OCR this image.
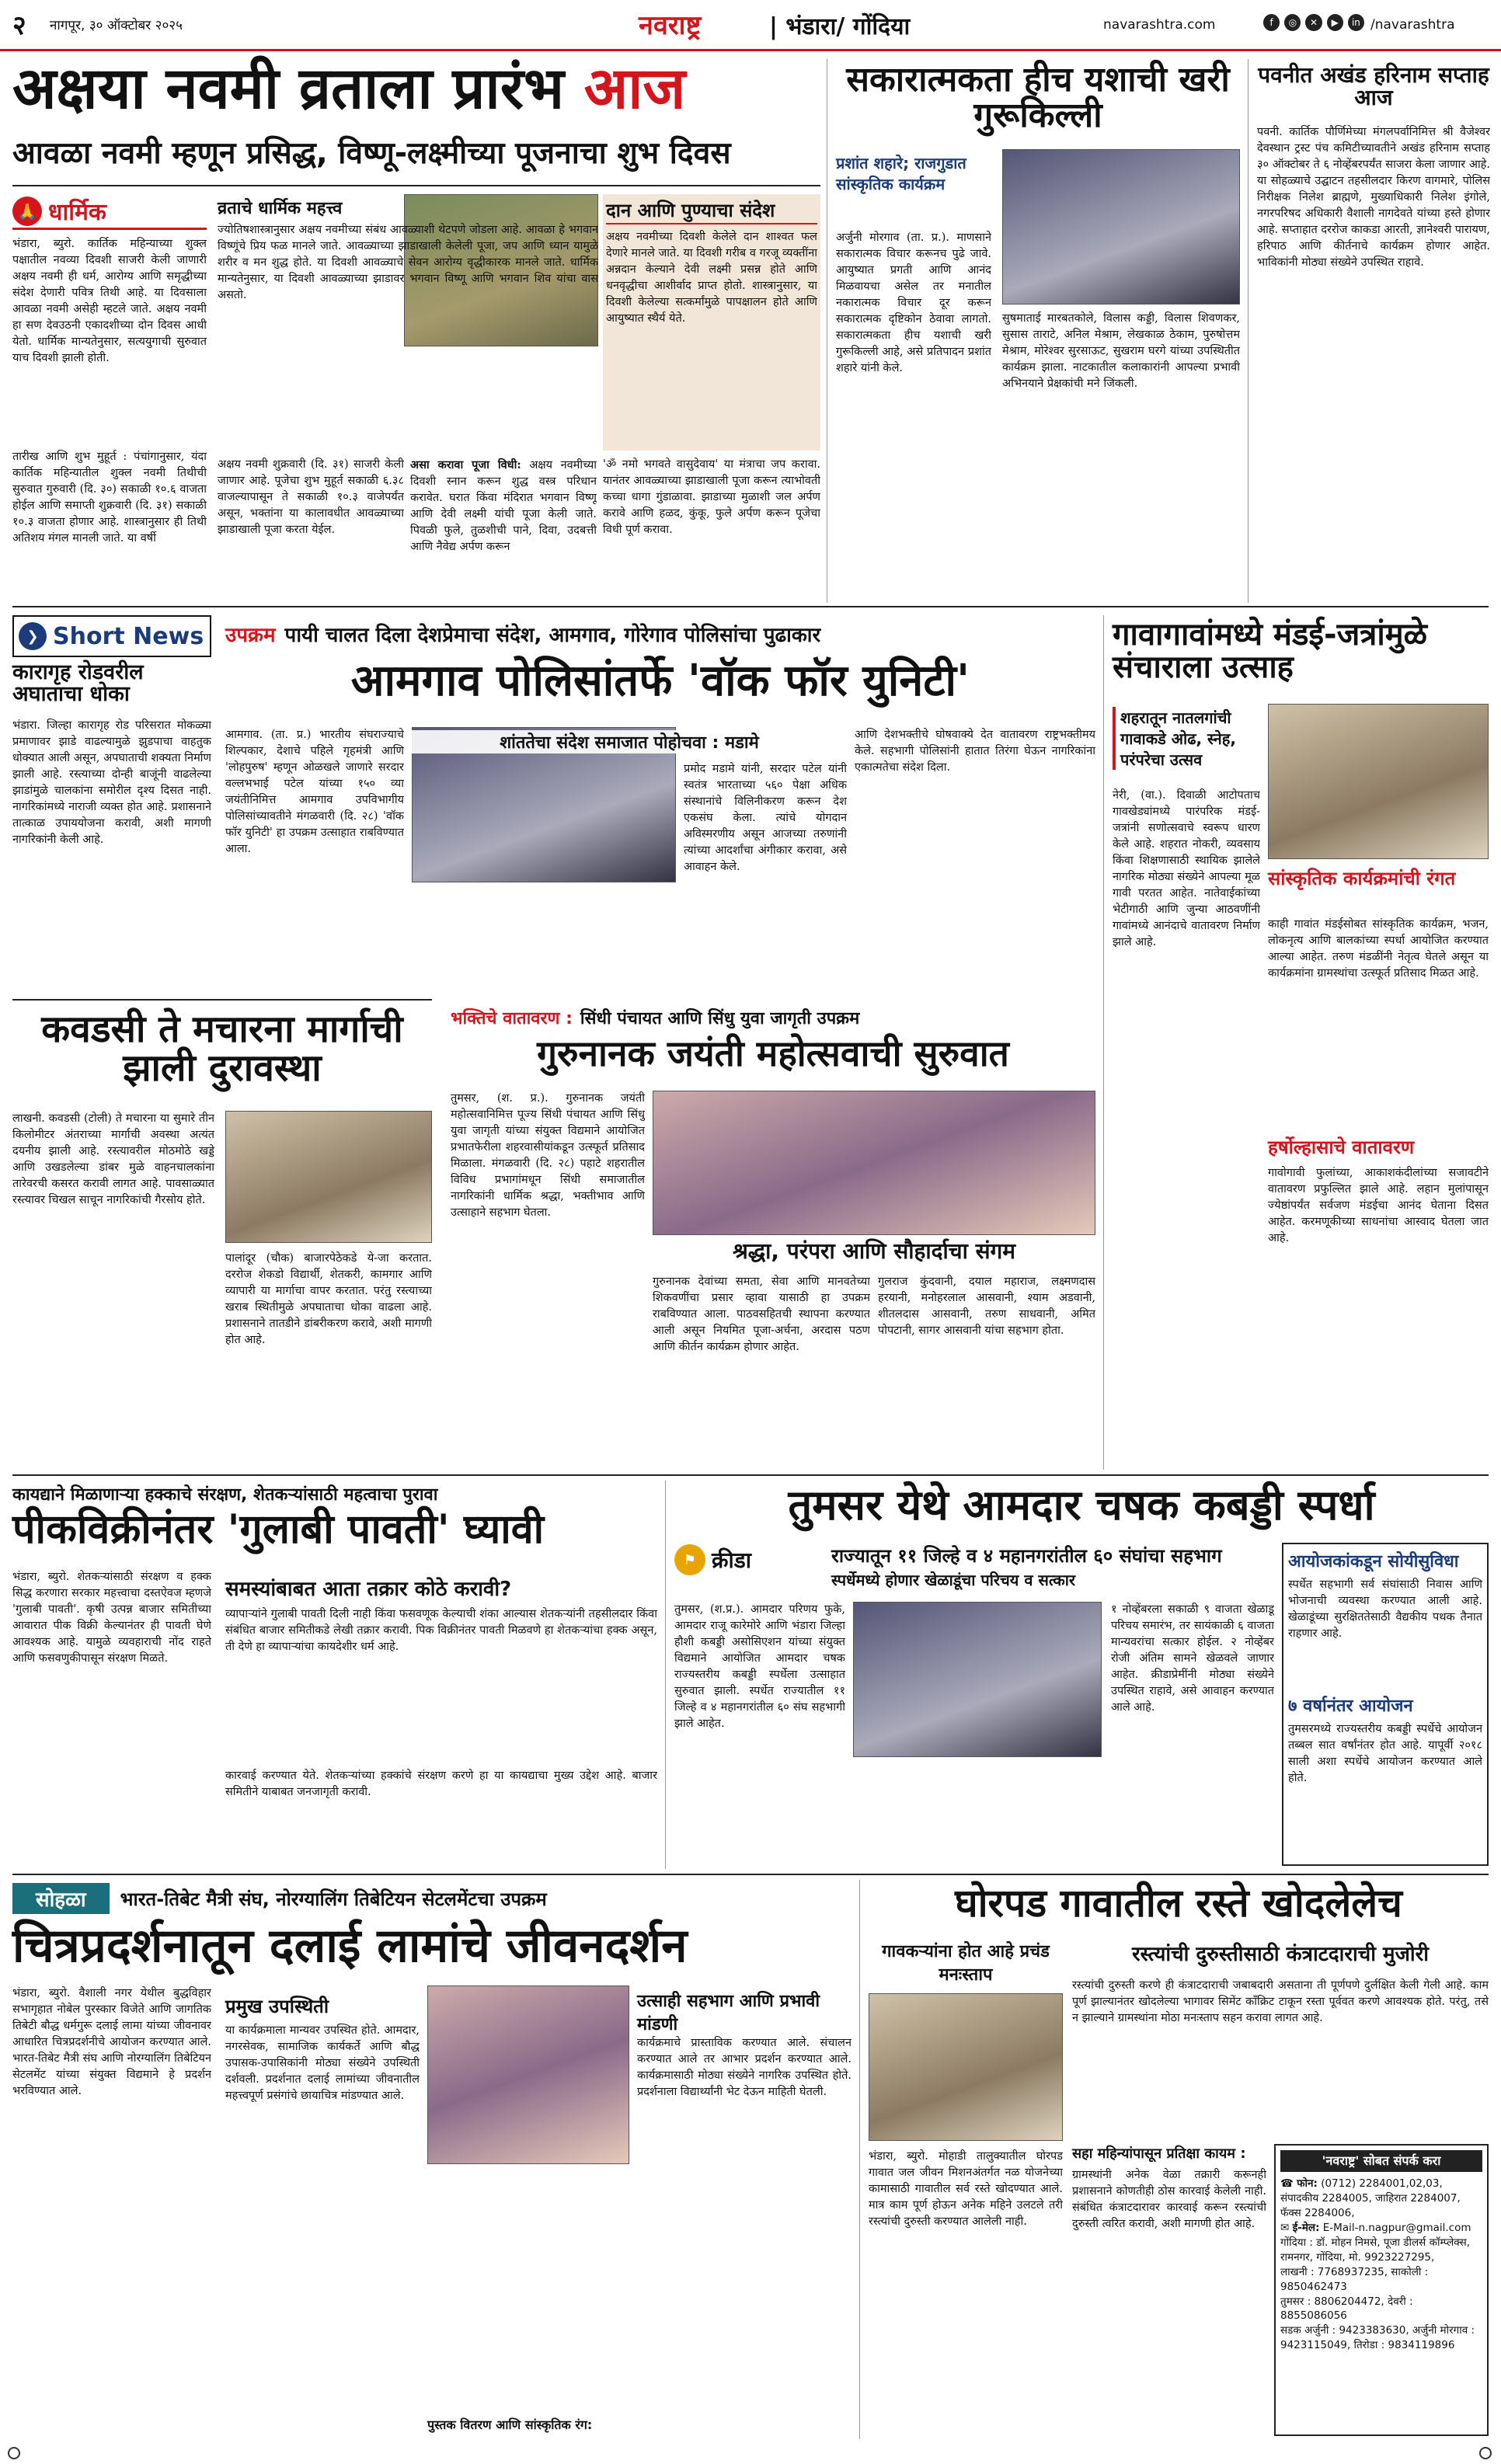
२ नागपूर, ३० ऑक्टोबर २०२५	नवराष्ट्र	| भंडारा/ गोंदिया	navarashtra.com	f	◎	✕	▶	in /navarashtra
अक्षया नवमी व्रताला प्रारंभ आज
आवळा नवमी म्हणून प्रसिद्ध, विष्णू-लक्ष्मीच्या पूजनाचा शुभ दिवस
🙏 धार्मिक
भंडारा, ब्युरो. कार्तिक महिन्याच्या शुक्ल पक्षातील नवव्या दिवशी साजरी केली जाणारी अक्षय नवमी ही धर्म, आरोग्य आणि समृद्धीच्या संदेश देणारी पवित्र तिथी आहे. या दिवसाला आवळा नवमी असेही म्हटले जाते. अक्षय नवमी हा सण देवउठनी एकादशीच्या दोन दिवस आधी येतो. धार्मिक मान्यतेनुसार, सत्ययुगाची सुरुवात याच दिवशी झाली होती.
तारीख आणि शुभ मुहूर्त : पंचांगानुसार, यंदा कार्तिक महिन्यातील शुक्ल नवमी तिथीची सुरुवात गुरुवारी (दि. ३०) सकाळी १०.६ वाजता होईल आणि समाप्ती शुक्रवारी (दि. ३१) सकाळी १०.३ वाजता होणार आहे. शास्त्रानुसार ही तिथी अतिशय मंगल मानली जाते. या वर्षी
व्रताचे धार्मिक महत्त्व	दान आणि पुण्याचा संदेश
अक्षय नवमीच्या दिवशी केलेले दान शाश्वत फल देणारे मानले जाते. या दिवशी गरीब व गरजू व्यक्तींना अन्नदान केल्याने देवी लक्ष्मी प्रसन्न होते आणि धनवृद्धीचा आशीर्वाद प्राप्त होतो. शास्त्रानुसार, या दिवशी केलेल्या सत्कर्मांमुळे पापक्षालन होते आणि आयुष्यात स्थैर्य येते.
ज्योतिषशास्त्रानुसार अक्षय नवमीच्या संबंध आवळ्याशी थेटपणे जोडला आहे. आवळा हे भगवान विष्णूंचे प्रिय फळ मानले जाते. आवळ्याच्या झाडाखाली केलेली पूजा, जप आणि ध्यान यामुळे शरीर व मन शुद्ध होते. या दिवशी आवळ्याचे सेवन आरोग्य वृद्धीकारक मानले जाते. धार्मिक मान्यतेनुसार, या दिवशी आवळ्याच्या झाडावर भगवान विष्णू आणि भगवान शिव यांचा वास असतो.
अक्षय नवमी शुक्रवारी (दि. ३१) साजरी केली जाणार आहे. पूजेचा शुभ मुहूर्त सकाळी ६.३८ वाजल्यापासून ते सकाळी १०.३ वाजेपर्यंत असून, भक्तांना या कालावधीत आवळ्याच्या झाडाखाली पूजा करता येईल.
असा करावा पूजा विधी: अक्षय नवमीच्या दिवशी स्नान करून शुद्ध वस्त्र परिधान करावेत. घरात किंवा मंदिरात भगवान विष्णू आणि देवी लक्ष्मी यांची पूजा केली जाते. पिवळी फुले, तुळशीची पाने, दिवा, उदबत्ती आणि नैवेद्य अर्पण करून
'ॐ नमो भगवते वासुदेवाय' या मंत्राचा जप करावा. यानंतर आवळ्याच्या झाडाखाली पूजा करून त्याभोवती कच्चा धागा गुंडाळावा. झाडाच्या मुळाशी जल अर्पण करावे आणि हळद, कुंकू, फुले अर्पण करून पूजेचा विधी पूर्ण करावा.
सकारात्मकता हीच यशाची खरी गुरूकिल्ली
प्रशांत शहारे; राजगुडात सांस्कृतिक कार्यक्रम
अर्जुनी मोरगाव (ता. प्र.). माणसाने सकारात्मक विचार करूनच पुढे जावे. आयुष्यात प्रगती आणि आनंद मिळवायचा असेल तर मनातील नकारात्मक विचार दूर करून सकारात्मक दृष्टिकोन ठेवावा लागतो. सकारात्मकता हीच यशाची खरी गुरूकिल्ली आहे, असे प्रतिपादन प्रशांत शहारे यांनी केले.
सुषमाताई मारबतकोले, विलास कड्डी, विलास शिवणकर, सुसास ताराटे, अनिल मेश्राम, लेखकाळ ठेकाम, पुरुषोत्तम मेश्राम, मोरेश्वर सुरसाऊट, सुखराम घरगे यांच्या उपस्थितीत कार्यक्रम झाला. नाटकातील कलाकारांनी आपल्या प्रभावी अभिनयाने प्रेक्षकांची मने जिंकली.
पवनीत अखंड हरिनाम सप्ताह आज
पवनी. कार्तिक पौर्णिमेच्या मंगलपर्वानिमित्त श्री वैजेश्वर देवस्थान ट्रस्ट पंच कमिटीच्यावतीने अखंड हरिनाम सप्ताह ३० ऑक्टोबर ते ६ नोव्हेंबरपर्यंत साजरा केला जाणार आहे. या सोहळ्याचे उद्घाटन तहसीलदार किरण वागमारे, पोलिस निरीक्षक निलेश ब्राह्मणे, मुख्याधिकारी निलेश इंगोले, नगरपरिषद अधिकारी वैशाली नागदेवते यांच्या हस्ते होणार आहे. सप्ताहात दररोज काकडा आरती, ज्ञानेश्वरी पारायण, हरिपाठ आणि कीर्तनाचे कार्यक्रम होणार आहेत. भाविकांनी मोठ्या संख्येने उपस्थित राहावे.
❯ Short News
कारागृह रोडवरील अघाताचा धोका
भंडारा. जिल्हा कारागृह रोड परिसरात मोकळ्या प्रमाणावर झाडे वाढल्यामुळे झुडपाचा वाहतुक धोक्यात आली असून, अपघाताची शक्यता निर्माण झाली आहे. रस्त्याच्या दोन्ही बाजूंनी वाढलेल्या झाडांमुळे चालकांना समोरील दृश्य दिसत नाही. नागरिकांमध्ये नाराजी व्यक्त होत आहे. प्रशासनाने तात्काळ उपाययोजना करावी, अशी मागणी नागरिकांनी केली आहे.
उपक्रम पायी चालत दिला देशप्रेमाचा संदेश, आमगाव, गोरेगाव पोलिसांचा पुढाकार
आमगाव पोलिसांतर्फे 'वॉक फॉर युनिटी'
आमगाव. (ता. प्र.) भारतीय संघराज्याचे शिल्पकार, देशाचे पहिले गृहमंत्री आणि 'लोहपुरुष' म्हणून ओळखले जाणारे सरदार वल्लभभाई पटेल यांच्या १५० व्या जयंतीनिमित्त आमगाव उपविभागीय पोलिसांच्यावतीने मंगळवारी (दि. २८) 'वॉक फॉर युनिटी' हा उपक्रम उत्साहात राबविण्यात आला.
शांततेचा संदेश समाजात पोहोचवा : मडामे
प्रमोद मडामे यांनी, सरदार पटेल यांनी स्वतंत्र भारताच्या ५६० पेक्षा अधिक संस्थानांचे विलिनीकरण करून देश एकसंघ केला. त्यांचे योगदान अविस्मरणीय असून आजच्या तरुणांनी त्यांच्या आदर्शांचा अंगीकार करावा, असे आवाहन केले.
आणि देशभक्तीचे घोषवाक्ये देत वातावरण राष्ट्रभक्तीमय केले. सहभागी पोलिसांनी हातात तिरंगा घेऊन नागरिकांना एकात्मतेचा संदेश दिला.
गावागावांमध्ये मंडई-जत्रांमुळे संचाराला उत्साह
शहरातून नातलगांची गावाकडे ओढ, स्नेह, परंपरेचा उत्सव
नेरी, (वा.). दिवाळी आटोपताच गावखेड्यांमध्ये पारंपरिक मंडई-जत्रांनी सणोत्सवाचे स्वरूप धारण केले आहे. शहरात नोकरी, व्यवसाय किंवा शिक्षणासाठी स्थायिक झालेले नागरिक मोठ्या संख्येने आपल्या मूळ गावी परतत आहेत. नातेवाईकांच्या भेटीगाठी आणि जुन्या आठवणींनी गावांमध्ये आनंदाचे वातावरण निर्माण झाले आहे.
सांस्कृतिक कार्यक्रमांची रंगत
काही गावांत मंडईसोबत सांस्कृतिक कार्यक्रम, भजन, लोकनृत्य आणि बालकांच्या स्पर्धा आयोजित करण्यात आल्या आहेत. तरुण मंडळींनी नेतृत्व घेतले असून या कार्यक्रमांना ग्रामस्थांचा उत्स्फूर्त प्रतिसाद मिळत आहे.
हर्षोल्हासाचे वातावरण
गावोगावी फुलांच्या, आकाशकंदीलांच्या सजावटीने वातावरण प्रफुल्लित झाले आहे. लहान मुलांपासून ज्येष्ठांपर्यंत सर्वजण मंडईचा आनंद घेताना दिसत आहेत. करमणूकीच्या साधनांचा आस्वाद घेतला जात आहे.
कवडसी ते मचारना मार्गाची झाली दुरावस्था
लाखनी. कवडसी (टोली) ते मचारना या सुमारे तीन किलोमीटर अंतराच्या मार्गाची अवस्था अत्यंत दयनीय झाली आहे. रस्त्यावरील मोठमोठे खड्डे आणि उखडलेल्या डांबर मुळे वाहनचालकांना तारेवरची कसरत करावी लागत आहे. पावसाळ्यात रस्त्यावर चिखल साचून नागरिकांची गैरसोय होते.
पालांदूर (चौक) बाजारपेठेकडे ये-जा करतात. दररोज शेकडो विद्यार्थी, शेतकरी, कामगार आणि व्यापारी या मार्गाचा वापर करतात. परंतु रस्त्याच्या खराब स्थितीमुळे अपघाताचा धोका वाढला आहे. प्रशासनाने तातडीने डांबरीकरण करावे, अशी मागणी होत आहे.
भक्तिचे वातावरण : सिंधी पंचायत आणि सिंधु युवा जागृती उपक्रम
गुरुनानक जयंती महोत्सवाची सुरुवात
तुमसर, (श. प्र.). गुरुनानक जयंती महोत्सवानिमित्त पूज्य सिंधी पंचायत आणि सिंधु युवा जागृती यांच्या संयुक्त विद्यमाने आयोजित प्रभातफेरीला शहरवासीयांकडून उत्स्फूर्त प्रतिसाद मिळाला. मंगळवारी (दि. २८) पहाटे शहरातील विविध प्रभागांमधून सिंधी समाजातील नागरिकांनी धार्मिक श्रद्धा, भक्तीभाव आणि उत्साहाने सहभाग घेतला.
श्रद्धा, परंपरा आणि सौहार्दाचा संगम
गुरुनानक देवांच्या समता, सेवा आणि मानवतेच्या शिकवणींचा प्रसार व्हावा यासाठी हा उपक्रम राबविण्यात आला. पाठवसहितची स्थापना करण्यात आली असून नियमित पूजा-अर्चना, अरदास पठण आणि कीर्तन कार्यक्रम होणार आहेत.
गुलराज कुंदवानी, दयाल महाराज, लक्ष्मणदास हरयानी, मनोहरलाल आसवानी, श्याम अडवानी, शीतलदास आसवानी, तरुण साधवानी, अमित पोपटानी, सागर आसवानी यांचा सहभाग होता.
कायद्याने मिळाणाऱ्या हक्काचे संरक्षण, शेतकऱ्यांसाठी महत्वाचा पुरावा
पीकविक्रीनंतर 'गुलाबी पावती' घ्यावी
भंडारा, ब्युरो. शेतकऱ्यांसाठी संरक्षण व हक्क सिद्ध करणारा सरकार महत्त्वाचा दस्तऐवज म्हणजे 'गुलाबी पावती'. कृषी उत्पन्न बाजार समितीच्या आवारात पीक विक्री केल्यानंतर ही पावती घेणे आवश्यक आहे. यामुळे व्यवहाराची नोंद राहते आणि फसवणुकीपासून संरक्षण मिळते.
समस्यांबाबत आता तक्रार कोठे करावी?
व्यापाऱ्यांने गुलाबी पावती दिली नाही किंवा फसवणूक केल्याची शंका आल्यास शेतकऱ्यांनी तहसीलदार किंवा संबंधित बाजार समितीकडे लेखी तक्रार करावी. पिक विक्रीनंतर पावती मिळवणे हा शेतकऱ्यांचा हक्क असून, ती देणे हा व्यापाऱ्यांचा कायदेशीर धर्म आहे.
कारवाई करण्यात येते. शेतकऱ्यांच्या हक्कांचे संरक्षण करणे हा या कायद्याचा मुख्य उद्देश आहे. बाजार समितीने याबाबत जनजागृती करावी.
तुमसर येथे आमदार चषक कबड्डी स्पर्धा
⚑ क्रीडा	राज्यातून ११ जिल्हे व ४ महानगरांतील ६० संघांचा सहभाग
स्पर्धेमध्ये होणार खेळाडूंचा परिचय व सत्कार
तुमसर, (श.प्र.). आमदार परिणय फुके, आमदार राजू कारेमोरे आणि भंडारा जिल्हा हौशी कबड्डी असोसिएशन यांच्या संयुक्त विद्यमाने आयोजित आमदार चषक राज्यस्तरीय कबड्डी स्पर्धेला उत्साहात सुरुवात झाली. स्पर्धेत राज्यातील ११ जिल्हे व ४ महानगरांतील ६० संघ सहभागी झाले आहेत.
१ नोव्हेंबरला सकाळी ९ वाजता खेळाडू परिचय समारंभ, तर सायंकाळी ६ वाजता मान्यवरांचा सत्कार होईल. २ नोव्हेंबर रोजी अंतिम सामने खेळवले जाणार आहेत. क्रीडाप्रेमींनी मोठ्या संख्येने उपस्थित राहावे, असे आवाहन करण्यात आले आहे.
आयोजकांकडून सोयीसुविधा
स्पर्धेत सहभागी सर्व संघांसाठी निवास आणि भोजनाची व्यवस्था करण्यात आली आहे. खेळाडूंच्या सुरक्षिततेसाठी वैद्यकीय पथक तैनात राहणार आहे.
७ वर्षानंतर आयोजन
तुमसरमध्ये राज्यस्तरीय कबड्डी स्पर्धेचे आयोजन तब्बल सात वर्षांनंतर होत आहे. यापूर्वी २०१८ साली अशा स्पर्धेचे आयोजन करण्यात आले होते.
सोहळा	भारत-तिबेट मैत्री संघ, नोरग्यालिंग तिबेटियन सेटलमेंटचा उपक्रम
चित्रप्रदर्शनातून दलाई लामांचे जीवनदर्शन
भंडारा, ब्युरो. वैशाली नगर येथील बुद्धविहार सभागृहात नोबेल पुरस्कार विजेते आणि जागतिक तिबेटी बौद्ध धर्मगुरू दलाई लामा यांच्या जीवनावर आधारित चित्रप्रदर्शनीचे आयोजन करण्यात आले. भारत-तिबेट मैत्री संघ आणि नोरग्यालिंग तिबेटियन सेटलमेंट यांच्या संयुक्त विद्यमाने हे प्रदर्शन भरविण्यात आले.
प्रमुख उपस्थिती
या कार्यक्रमाला मान्यवर उपस्थित होते. आमदार, नगरसेवक, सामाजिक कार्यकर्ते आणि बौद्ध उपासक-उपासिकांनी मोठ्या संख्येने उपस्थिती दर्शवली. प्रदर्शनात दलाई लामांच्या जीवनातील महत्त्वपूर्ण प्रसंगांचे छायाचित्र मांडण्यात आले.
उत्साही सहभाग आणि प्रभावी मांडणी
कार्यक्रमाचे प्रास्ताविक करण्यात आले. संचालन करण्यात आले तर आभार प्रदर्शन करण्यात आले. कार्यक्रमासाठी मोठ्या संख्येने नागरिक उपस्थित होते. प्रदर्शनाला विद्यार्थ्यांनी भेट देऊन माहिती घेतली.
पुस्तक वितरण आणि सांस्कृतिक रंग:
घोरपड गावातील रस्ते खोदलेलेच
गावकऱ्यांना होत आहे प्रचंड मनःस्ताप
रस्त्यांची दुरुस्तीसाठी कंत्राटदाराची मुजोरी
भंडारा, ब्युरो. मोहाडी तालुक्यातील घोरपड गावात जल जीवन मिशनअंतर्गत नळ योजनेच्या कामासाठी गावातील सर्व रस्ते खोदण्यात आले. मात्र काम पूर्ण होऊन अनेक महिने उलटले तरी रस्त्यांची दुरुस्ती करण्यात आलेली नाही.
रस्त्यांची दुरुस्ती करणे ही कंत्राटदाराची जबाबदारी असताना ती पूर्णपणे दुर्लक्षित केली गेली आहे. काम पूर्ण झाल्यानंतर खोदलेल्या भागावर सिमेंट काँक्रिट टाकून रस्ता पूर्ववत करणे आवश्यक होते. परंतु, तसे न झाल्याने ग्रामस्थांना मोठा मनःस्ताप सहन करावा लागत आहे.
सहा महिन्यांपासून प्रतिक्षा कायम :
ग्रामस्थांनी अनेक वेळा तक्रारी करूनही प्रशासनाने कोणतीही ठोस कारवाई केलेली नाही. संबंधित कंत्राटदारावर कारवाई करून रस्त्यांची दुरुस्ती त्वरित करावी, अशी मागणी होत आहे.
'नवराष्ट्र' सोबत संपर्क करा
☎ फोन: (0712) 2284001,02,03, संपादकीय 2284005, जाहिरात 2284007, फॅक्स 2284006,
✉ ई-मेल: E-Mail-n.nagpur@gmail.com
गोंदिया : डॉ. मोहन निमसे, पूजा डीलर्स कॉम्प्लेक्स, रामनगर, गोंदिया, मो. 9923227295,
लाखनी : 7768937235, साकोली : 9850462473
तुमसर : 8806204472, देवरी : 8855086056
सडक अर्जुनी : 9423383630, अर्जुनी मोरगाव : 9423115049, तिरोडा : 9834119896
